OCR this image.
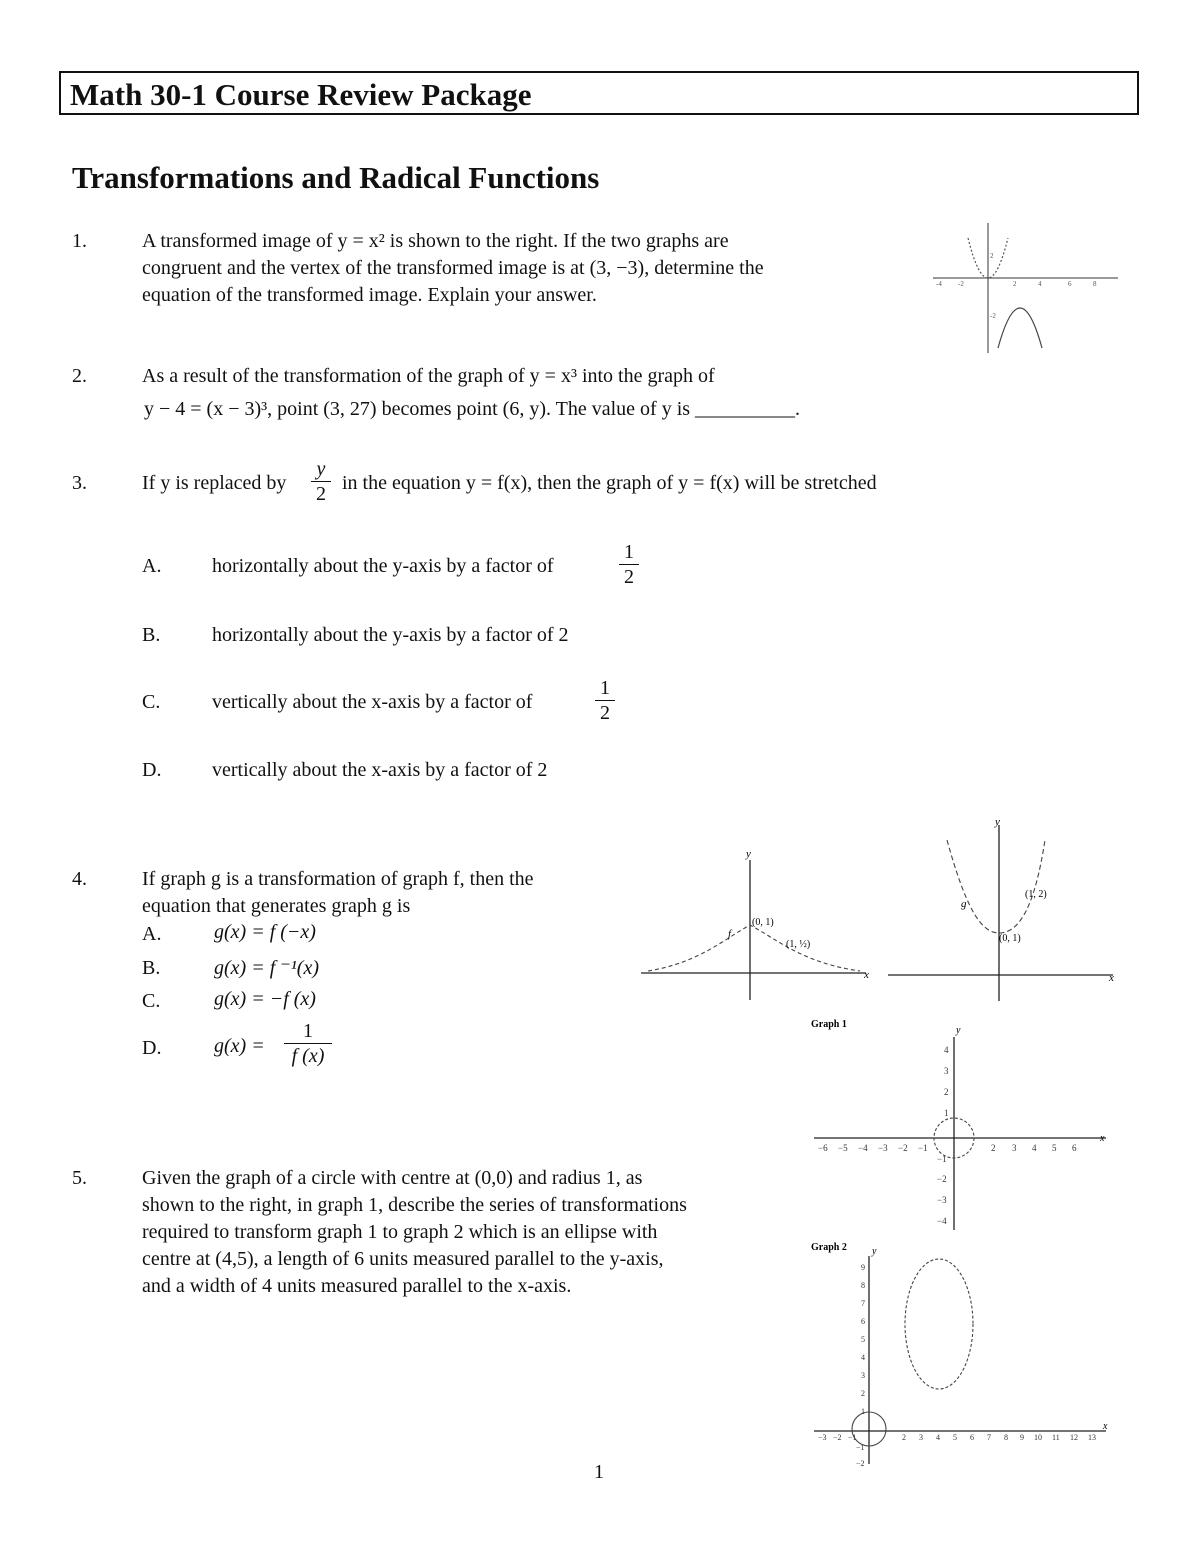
Math 30-1 Course Review Package
Transformations and Radical Functions
1.	A transformed image of y = x² is shown to the right. If the two graphs are
congruent and the vertex of the transformed image is at (3, −3), determine the
equation of the transformed image. Explain your answer.	-4 -2	2	4	6	8
2
-2
2.	As a result of the transformation of the graph of y = x³ into the graph of
y − 4 = (x − 3)³, point (3, 27) becomes point (6, y). The value of y is __________.
3.	If y is replaced by
y
2 in the equation y = f(x), then the graph of y = f(x) will be stretched
A.	horizontally about the y-axis by a factor of
1
2
B.	horizontally about the y-axis by a factor of 2
C.	vertically about the x-axis by a factor of
1
2
D.	vertically about the x-axis by a factor of 2
4.	If graph g is a transformation of graph f, then the
equation that generates graph g is
A.	g(x) = f (−x)
B.	g(x) = f ⁻¹(x)
C.	g(x) = −f (x)
D.	g(x) =
1
f (x)
y
x
f
(0, 1)
(1, ½)
y
x
g
(1, 2)
(0, 1)
5.	Given the graph of a circle with centre at (0,0) and radius 1, as
shown to the right, in graph 1, describe the series of transformations
required to transform graph 1 to graph 2 which is an ellipse with
centre at (4,5), a length of 6 units measured parallel to the y-axis,
and a width of 4 units measured parallel to the x-axis.
Graph 1
y
x
−6 −5 −4 −3 −2 −1	2 3 4 5 6
4
3
2
1
−1
−2
−3
−4
Graph 2	y
x
−3 −2 −1	2 3 4 5 6 7 8 9 10 11 12 13
9
8
7
6
5
4
3
2
1
−1
−2
1
